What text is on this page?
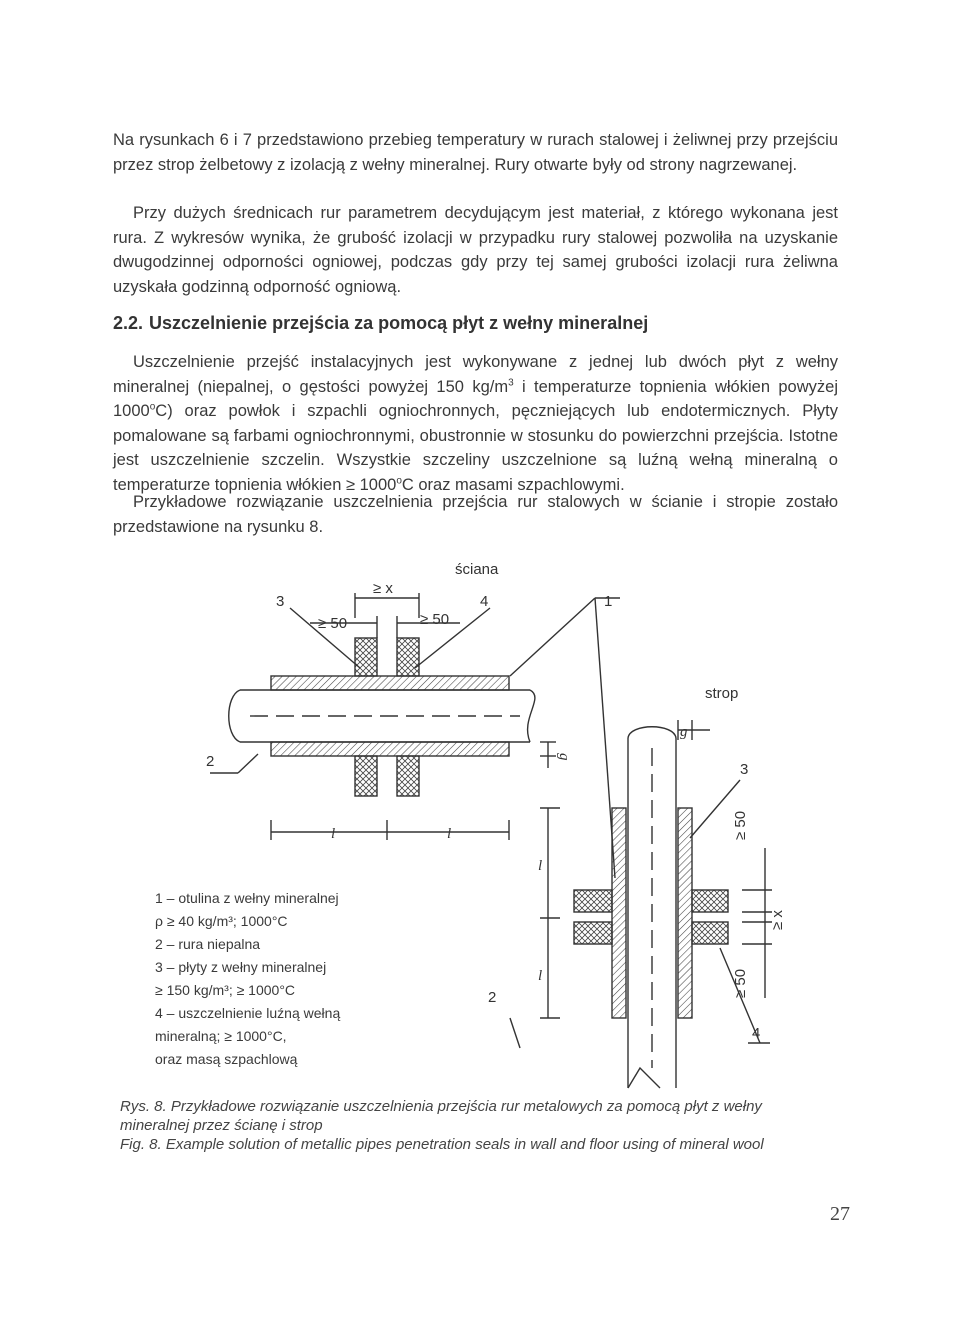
Na rysunkach 6 i 7 przedstawiono przebieg temperatury w rurach stalowej i żeliwnej przy przejściu przez strop żelbetowy z izolacją z wełny mineralnej. Rury otwarte były od strony nagrzewanej.

Przy dużych średnicach rur parametrem decydującym jest materiał, z którego wykonana jest rura. Z wykresów wynika, że grubość izolacji w przypadku rury stalowej pozwoliła na uzyskanie dwugodzinnej odporności ogniowej, podczas gdy przy tej samej grubości izolacji rura żeliwna uzyskała godzinną odporność ogniową.

2.2. Uszczelnienie przejścia za pomocą płyt z wełny mineralnej

Uszczelnienie przejść instalacyjnych jest wykonywane z jednej lub dwóch płyt z wełny mineralnej (niepalnej, o gęstości powyżej 150 $kg/m^3$ i temperaturze topnienia włókien powyżej 1000$^o$C) oraz powłok i szpachli ogniochronnych, pęczniejących lub endotermicznych. Płyty pomalowane są farbami ogniochronnymi, obustronnie w stosunku do powierzchni przejścia. Istotne jest uszczelnienie szczelin. Wszystkie szczeliny uszczelnione są luźną wełną mineralną o temperaturze topnienia włókien ≥ $1000^oC$ oraz masami szpachlowymi.

Przykładowe rozwiązanie uszczelnienia przejścia rur stalowych w ścianie i stropie zostało przedstawione na rysunku 8.

ściana
strop
≥ x
≥ 50	≥ 50
l	l
l
l
g
g
≥ 50
≥ x
≥ 50
3	4	1
2	3
2
4
1 – otulina z wełny mineralnej
ρ ≥ 40 kg/m³; 1000°C
2 – rura niepalna
3 – płyty z wełny mineralnej
≥ 150 kg/m³; ≥ 1000°C
4 – uszczelnienie luźną wełną
mineralną; ≥ 1000°C,
oraz masą szpachlową
Rys. 8. Przykładowe rozwiązanie uszczelnienia przejścia rur metalowych za pomocą płyt z wełny
mineralnej przez ścianę i strop
Fig. 8. Example solution of metallic pipes penetration seals in wall and floor using of mineral wool
27
